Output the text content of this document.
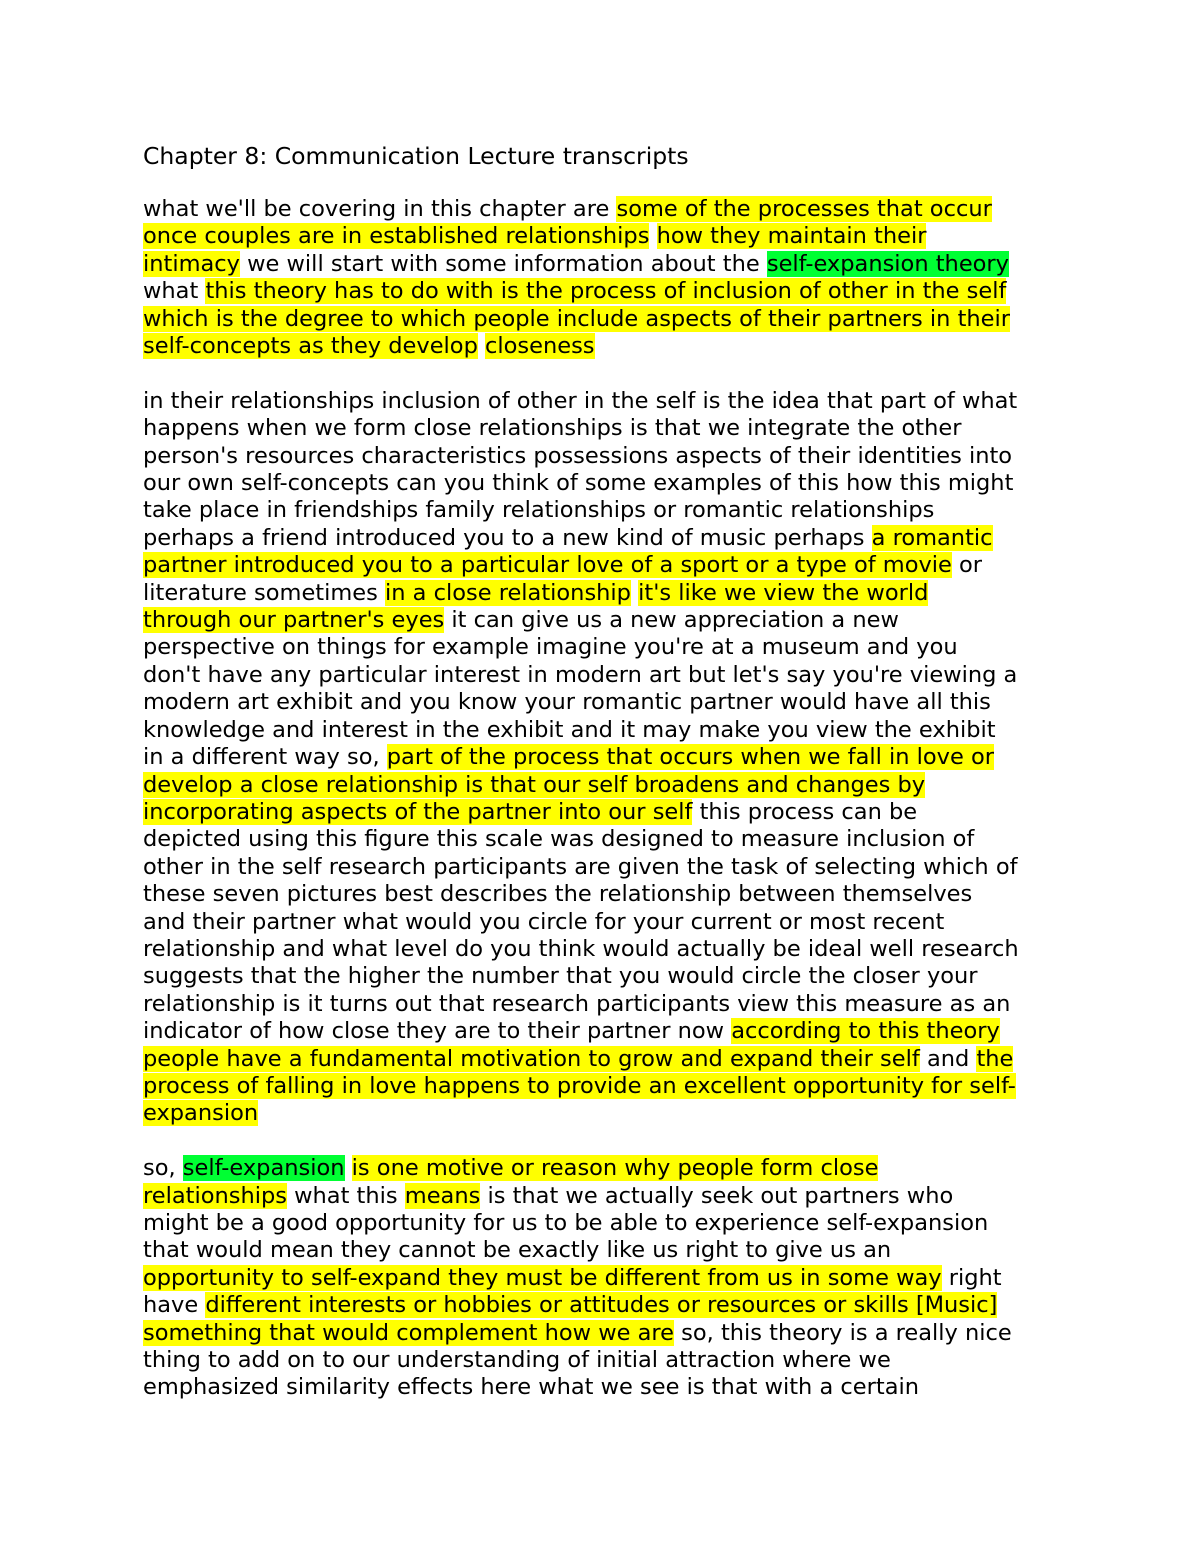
Chapter 8: Communication Lecture transcripts
what we'll be covering in this chapter are some of the processes that occur
once couples are in established relationships how they maintain their
intimacy we will start with some information about the self-expansion theory
what this theory has to do with is the process of inclusion of other in the self
which is the degree to which people include aspects of their partners in their
self-concepts as they develop closeness
in their relationships inclusion of other in the self is the idea that part of what
happens when we form close relationships is that we integrate the other
person's resources characteristics possessions aspects of their identities into
our own self-concepts can you think of some examples of this how this might
take place in friendships family relationships or romantic relationships
perhaps a friend introduced you to a new kind of music perhaps a romantic
partner introduced you to a particular love of a sport or a type of movie or
literature sometimes in a close relationship it's like we view the world
through our partner's eyes it can give us a new appreciation a new
perspective on things for example imagine you're at a museum and you
don't have any particular interest in modern art but let's say you're viewing a
modern art exhibit and you know your romantic partner would have all this
knowledge and interest in the exhibit and it may make you view the exhibit
in a different way so, part of the process that occurs when we fall in love or
develop a close relationship is that our self broadens and changes by
incorporating aspects of the partner into our self this process can be
depicted using this figure this scale was designed to measure inclusion of
other in the self research participants are given the task of selecting which of
these seven pictures best describes the relationship between themselves
and their partner what would you circle for your current or most recent
relationship and what level do you think would actually be ideal well research
suggests that the higher the number that you would circle the closer your
relationship is it turns out that research participants view this measure as an
indicator of how close they are to their partner now according to this theory
people have a fundamental motivation to grow and expand their self and the
process of falling in love happens to provide an excellent opportunity for self-
expansion
so, self-expansion is one motive or reason why people form close
relationships what this means is that we actually seek out partners who
might be a good opportunity for us to be able to experience self-expansion
that would mean they cannot be exactly like us right to give us an
opportunity to self-expand they must be different from us in some way right
have different interests or hobbies or attitudes or resources or skills [Music]
something that would complement how we are so, this theory is a really nice
thing to add on to our understanding of initial attraction where we
emphasized similarity effects here what we see is that with a certain
